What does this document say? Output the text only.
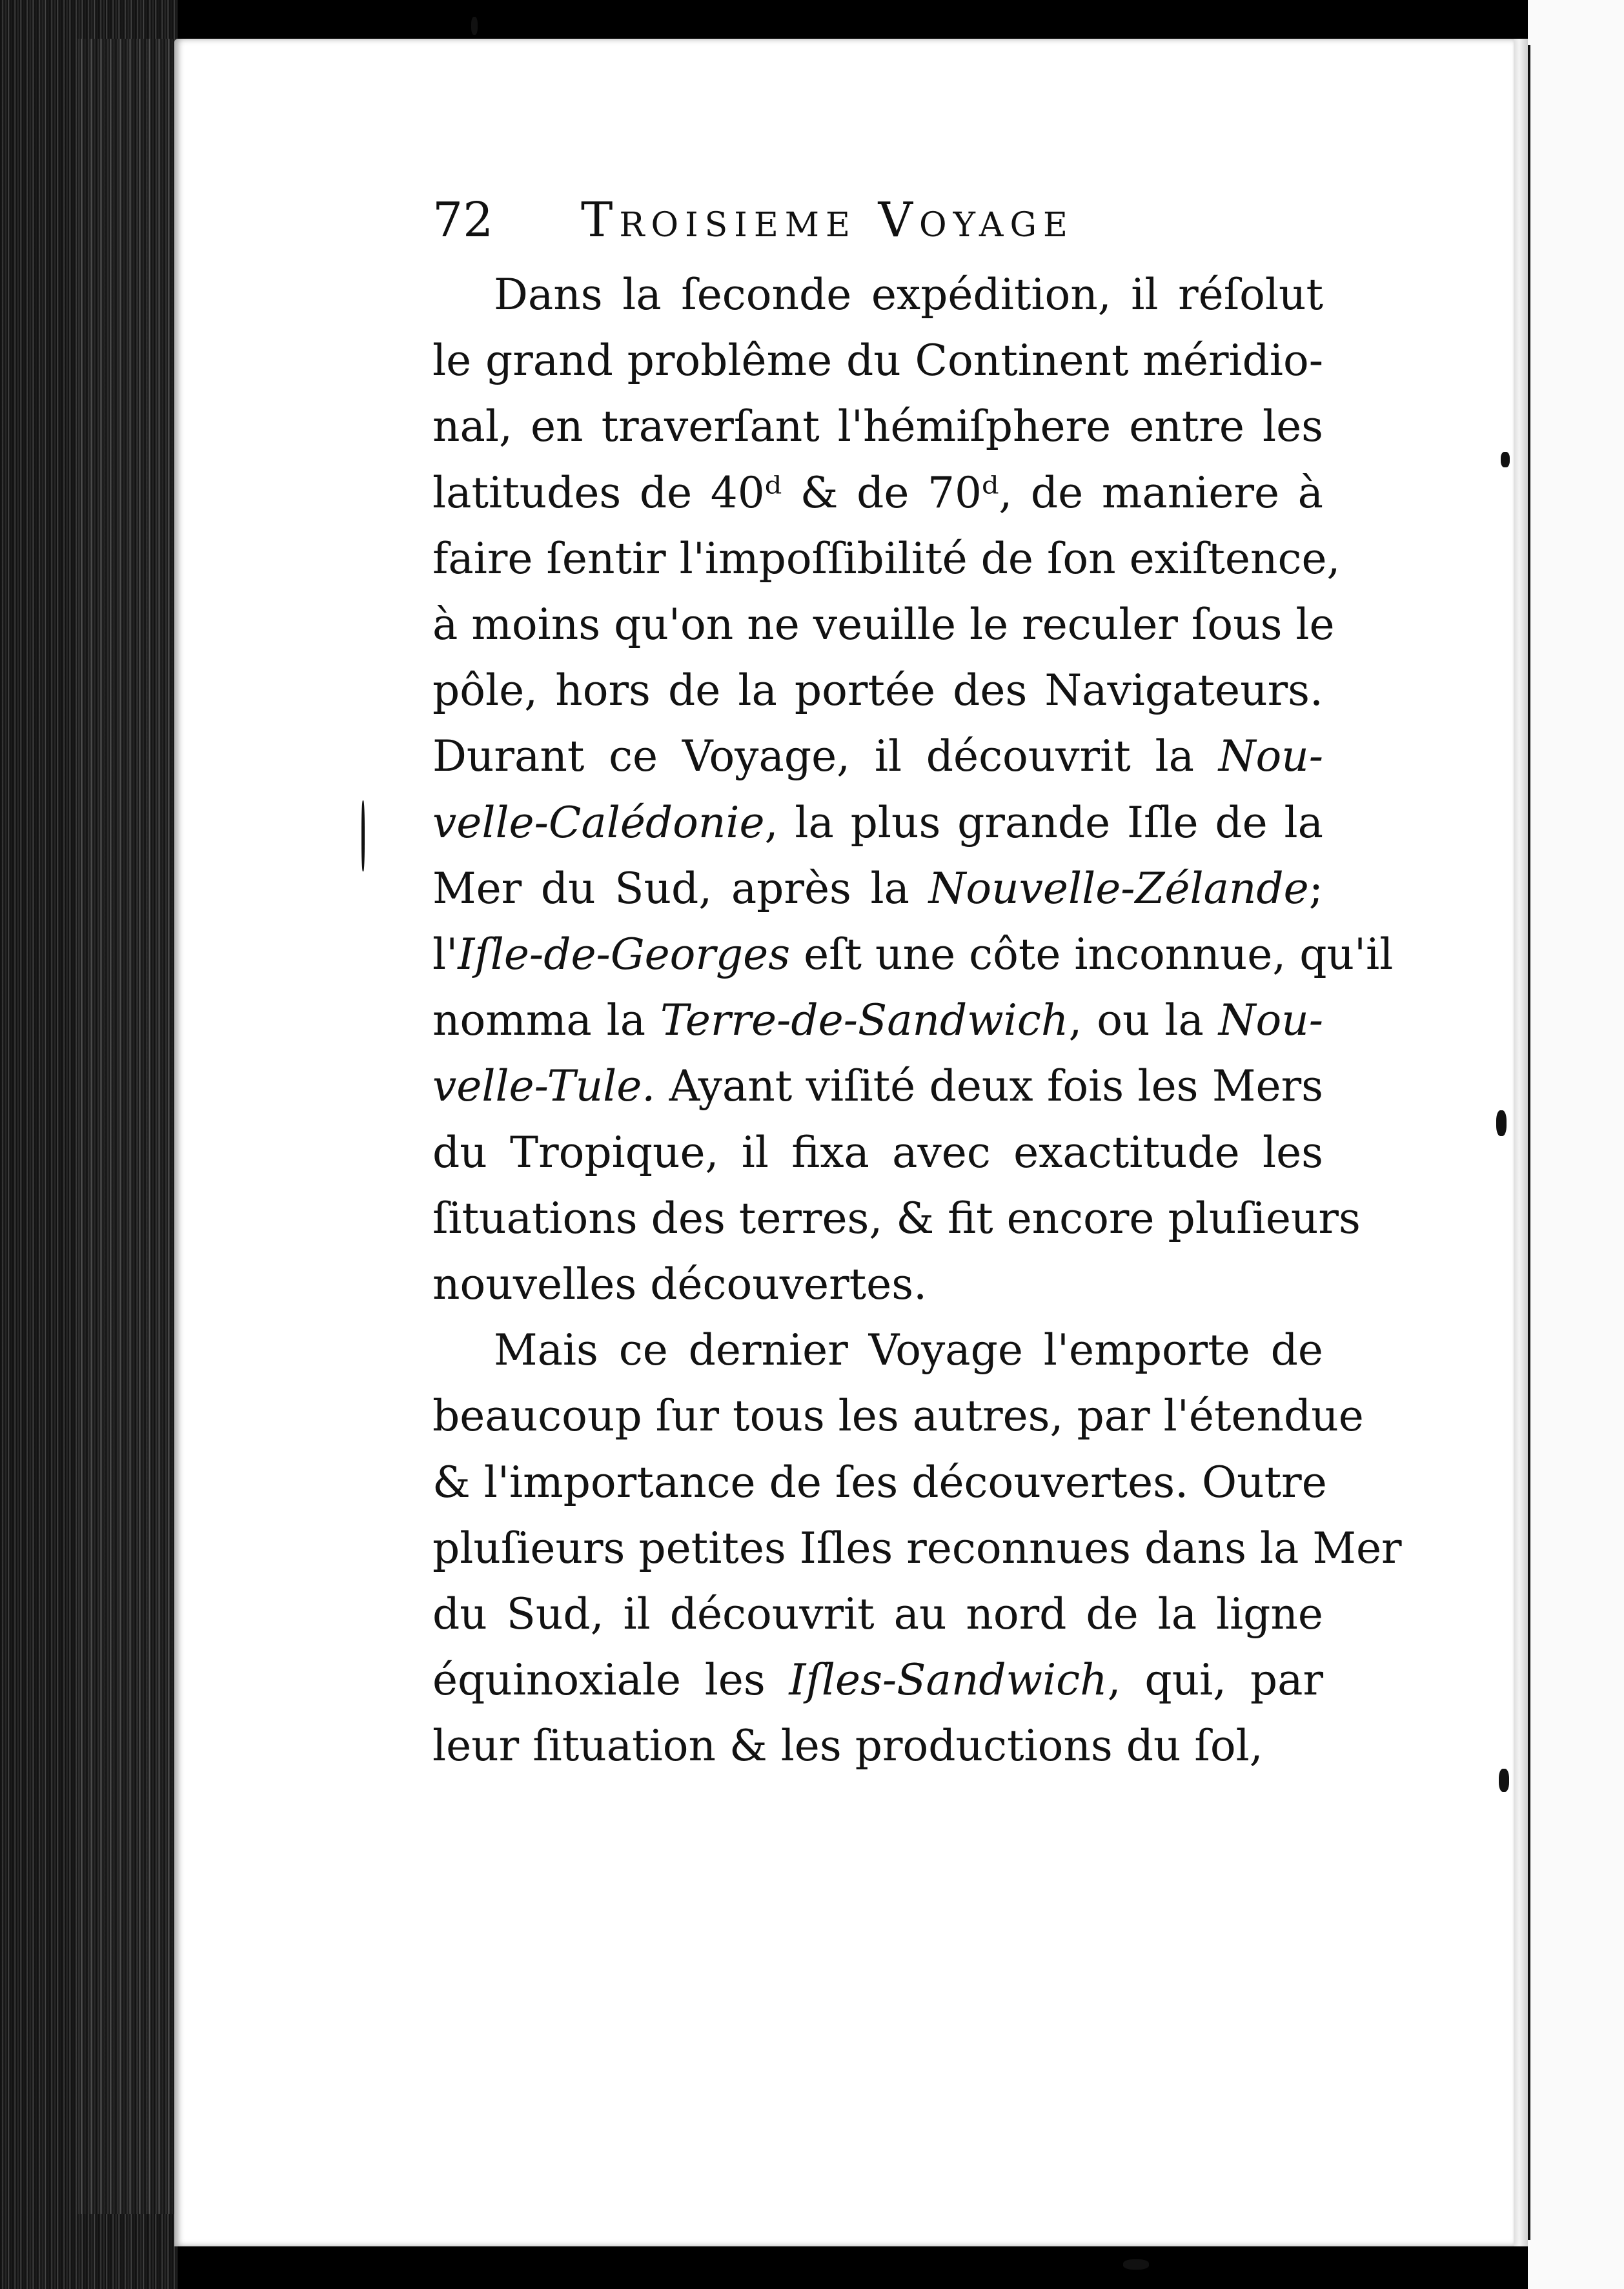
72 Troisieme Voyage
Dans la ſeconde expédition, il réſolut
le grand problême du Continent méridio-
nal, en traverſant l'hémiſphere entre les
latitudes de 40ᵈ & de 70ᵈ, de maniere à
faire ſentir l'impoſſibilité de ſon exiſtence,
à moins qu'on ne veuille le reculer ſous le
pôle, hors de la portée des Navigateurs.
Durant ce Voyage, il découvrit la Nou-
velle-Calédonie, la plus grande Iſle de la
Mer du Sud, après la Nouvelle-Zélande;
l'Iſle-de-Georges eſt une côte inconnue, qu'il
nomma la Terre-de-Sandwich, ou la Nou-
velle-Tule. Ayant viſité deux fois les Mers
du Tropique, il fixa avec exactitude les
ſituations des terres, & fit encore pluſieurs
nouvelles découvertes.
Mais ce dernier Voyage l'emporte de
beaucoup ſur tous les autres, par l'étendue
& l'importance de ſes découvertes. Outre
pluſieurs petites Iſles reconnues dans la Mer
du Sud, il découvrit au nord de la ligne
équinoxiale les Iſles-Sandwich, qui, par
leur ſituation & les productions du ſol,
